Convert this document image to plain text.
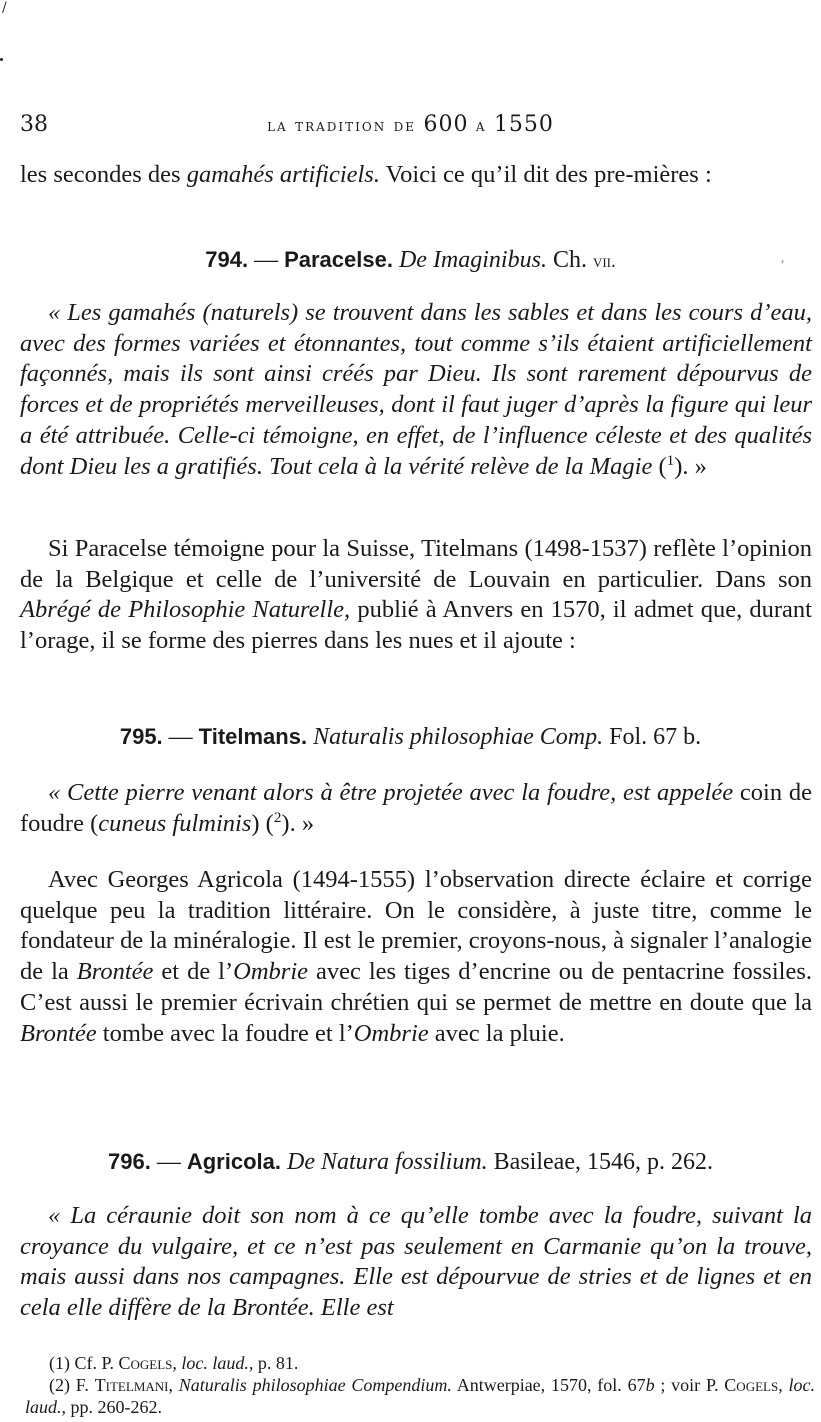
/
38	la tradition de 600 a 1550
les secondes des gamahés artificiels. Voici ce qu’il dit des pre-mières :
794. — Paracelse. De Imaginibus. Ch. vii.	˒
« Les gamahés (naturels) se trouvent dans les sables et dans les cours d’eau, avec des formes variées et étonnantes, tout comme s’ils étaient artificiellement façonnés, mais ils sont ainsi créés par Dieu. Ils sont rarement dépourvus de forces et de propriétés merveilleuses, dont il faut juger d’après la figure qui leur a été attribuée. Celle-ci témoigne, en effet, de l’influence céleste et des qualités dont Dieu les a gratifiés. Tout cela à la vérité relève de la Magie ($^1$). »
Si Paracelse témoigne pour la Suisse, Titelmans (1498-1537) reflète l’opinion de la Belgique et celle de l’université de Louvain en particulier. Dans son Abrégé de Philosophie Naturelle, publié à Anvers en 1570, il admet que, durant l’orage, il se forme des pierres dans les nues et il ajoute :
795. — Titelmans. Naturalis philosophiae Comp. Fol. 67 b.
« Cette pierre venant alors à être projetée avec la foudre, est appelée coin de foudre (cuneus fulminis) ($^2$). »
Avec Georges Agricola (1494-1555) l’observation directe éclaire et corrige quelque peu la tradition littéraire. On le considère, à juste titre, comme le fondateur de la minéralogie. Il est le premier, croyons-nous, à signaler l’analogie de la Brontée et de l’Ombrie avec les tiges d’encrine ou de pentacrine fossiles. C’est aussi le premier écrivain chrétien qui se permet de mettre en doute que la Brontée tombe avec la foudre et l’Ombrie avec la pluie.
796. — Agricola. De Natura fossilium. Basileae, 1546, p. 262.
« La céraunie doit son nom à ce qu’elle tombe avec la foudre, suivant la croyance du vulgaire, et ce n’est pas seulement en Carmanie qu’on la trouve, mais aussi dans nos campagnes. Elle est dépourvue de stries et de lignes et en cela elle diffère de la Brontée. Elle est
(1) Cf. P. Cogels, loc. laud., p. 81.
(2) F. Titelmani, Naturalis philosophiae Compendium. Antwerpiae, 1570, fol. 67b ; voir P. Cogels, loc. laud., pp. 260-262.
